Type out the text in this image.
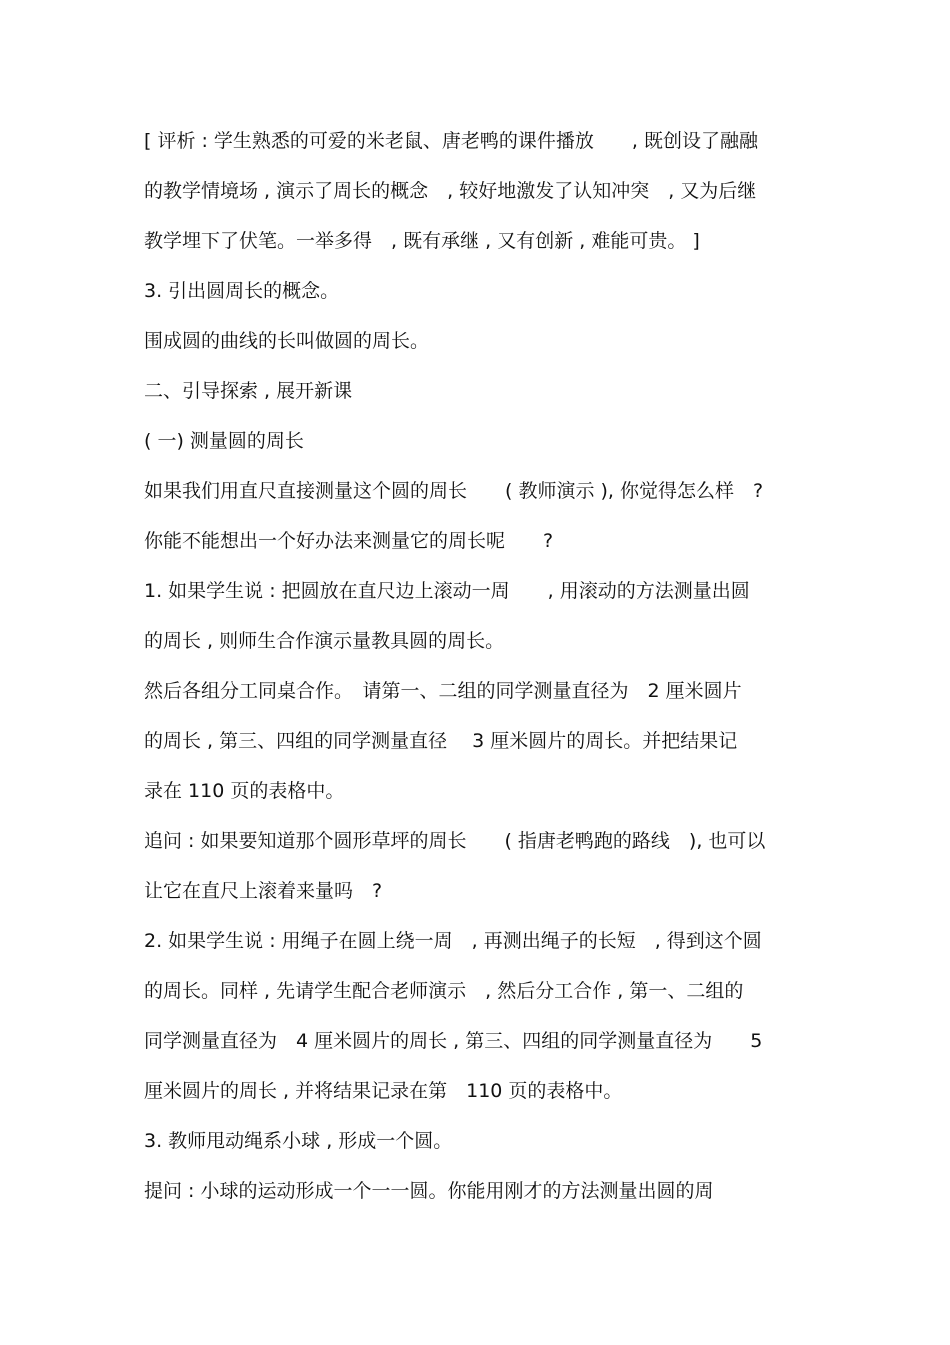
[ 评析 : 学生熟悉的可爱的米老鼠、唐老鸭的课件播放　　, 既创设了融融
的教学情境场 , 演示了周长的概念　, 较好地激发了认知冲突　, 又为后继
教学埋下了伏笔。一举多得　, 既有承继 , 又有创新 , 难能可贵。 ]
3. 引出圆周长的概念。
围成圆的曲线的长叫做圆的周长。
二、引导探索 , 展开新课
( 一) 测量圆的周长
如果我们用直尺直接测量这个圆的周长　　( 教师演示 ), 你觉得怎么样　?
你能不能想出一个好办法来测量它的周长呢　　?
1. 如果学生说 : 把圆放在直尺边上滚动一周　　, 用滚动的方法测量出圆
的周长 , 则师生合作演示量教具圆的周长。
然后各组分工同桌合作。　请第一、二组的同学测量直径为　2 厘米圆片
的周长 , 第三、四组的同学测量直径　 3 厘米圆片的周长。并把结果记
录在 110 页的表格中。
追问 : 如果要知道那个圆形草坪的周长　　( 指唐老鸭跑的路线　), 也可以
让它在直尺上滚着来量吗　?
2. 如果学生说 : 用绳子在圆上绕一周　, 再测出绳子的长短　, 得到这个圆
的周长。同样 , 先请学生配合老师演示　, 然后分工合作 , 第一、二组的
同学测量直径为　4 厘米圆片的周长 , 第三、四组的同学测量直径为　　5
厘米圆片的周长 , 并将结果记录在第　110 页的表格中。
3. 教师甩动绳系小球 , 形成一个圆。
提问 : 小球的运动形成一个一一圆。你能用刚才的方法测量出圆的周
